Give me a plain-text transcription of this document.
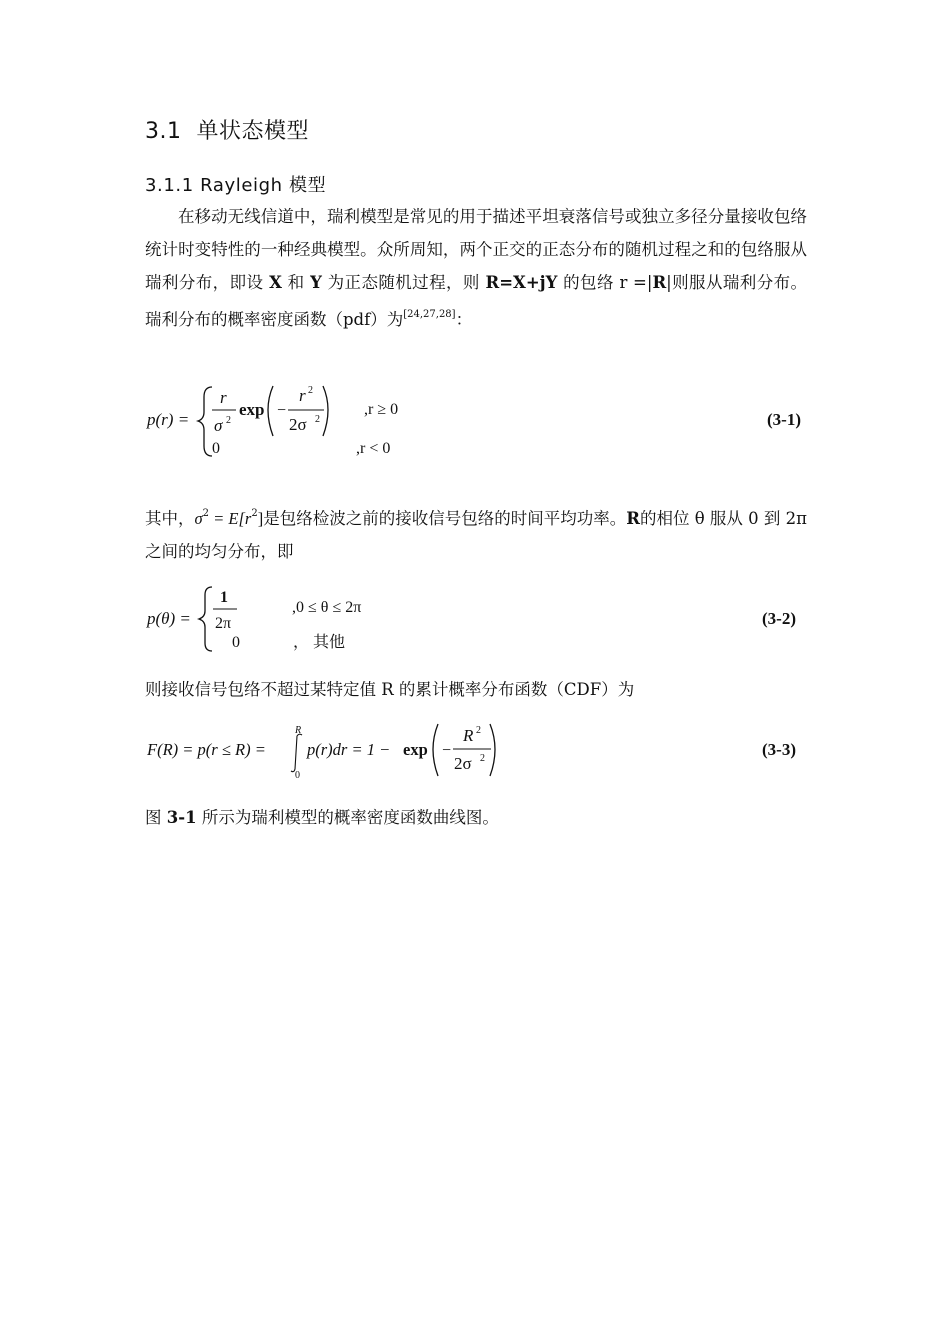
3.1 单状态模型
3.1.1 Rayleigh 模型

在移动无线信道中，瑞利模型是常见的用于描述平坦衰落信号或独立多径分量接收包络统计时变特性的一种经典模型。众所周知，两个正交的正态分布的随机过程之和的包络服从瑞利分布，即设 X 和 Y 为正态随机过程，则 R=X+jY 的包络 r =|R|则服从瑞利分布。瑞利分布的概率密度函数（pdf）为[24,27,28]：

p(r) =
r
σ 2
exp −
r 2
2σ 2
,r ≥ 0
0	,r < 0
(3-1)

其中，$\sigma^2 = E[r^2]$是包络检波之前的接收信号包络的时间平均功率。R的相位 θ 服从 0 到 2π 之间的均匀分布，即

p(θ) =
1
2π
,0 ≤ θ ≤ 2π
0	， 其他
(3-2)

则接收信号包络不超过某特定值 R 的累计概率分布函数（CDF）为

F(R) = p(r ≤ R) =
R
0
p(r)dr = 1 − exp −
R 2
2σ 2	(3-3)

图 3-1 所示为瑞利模型的概率密度函数曲线图。
